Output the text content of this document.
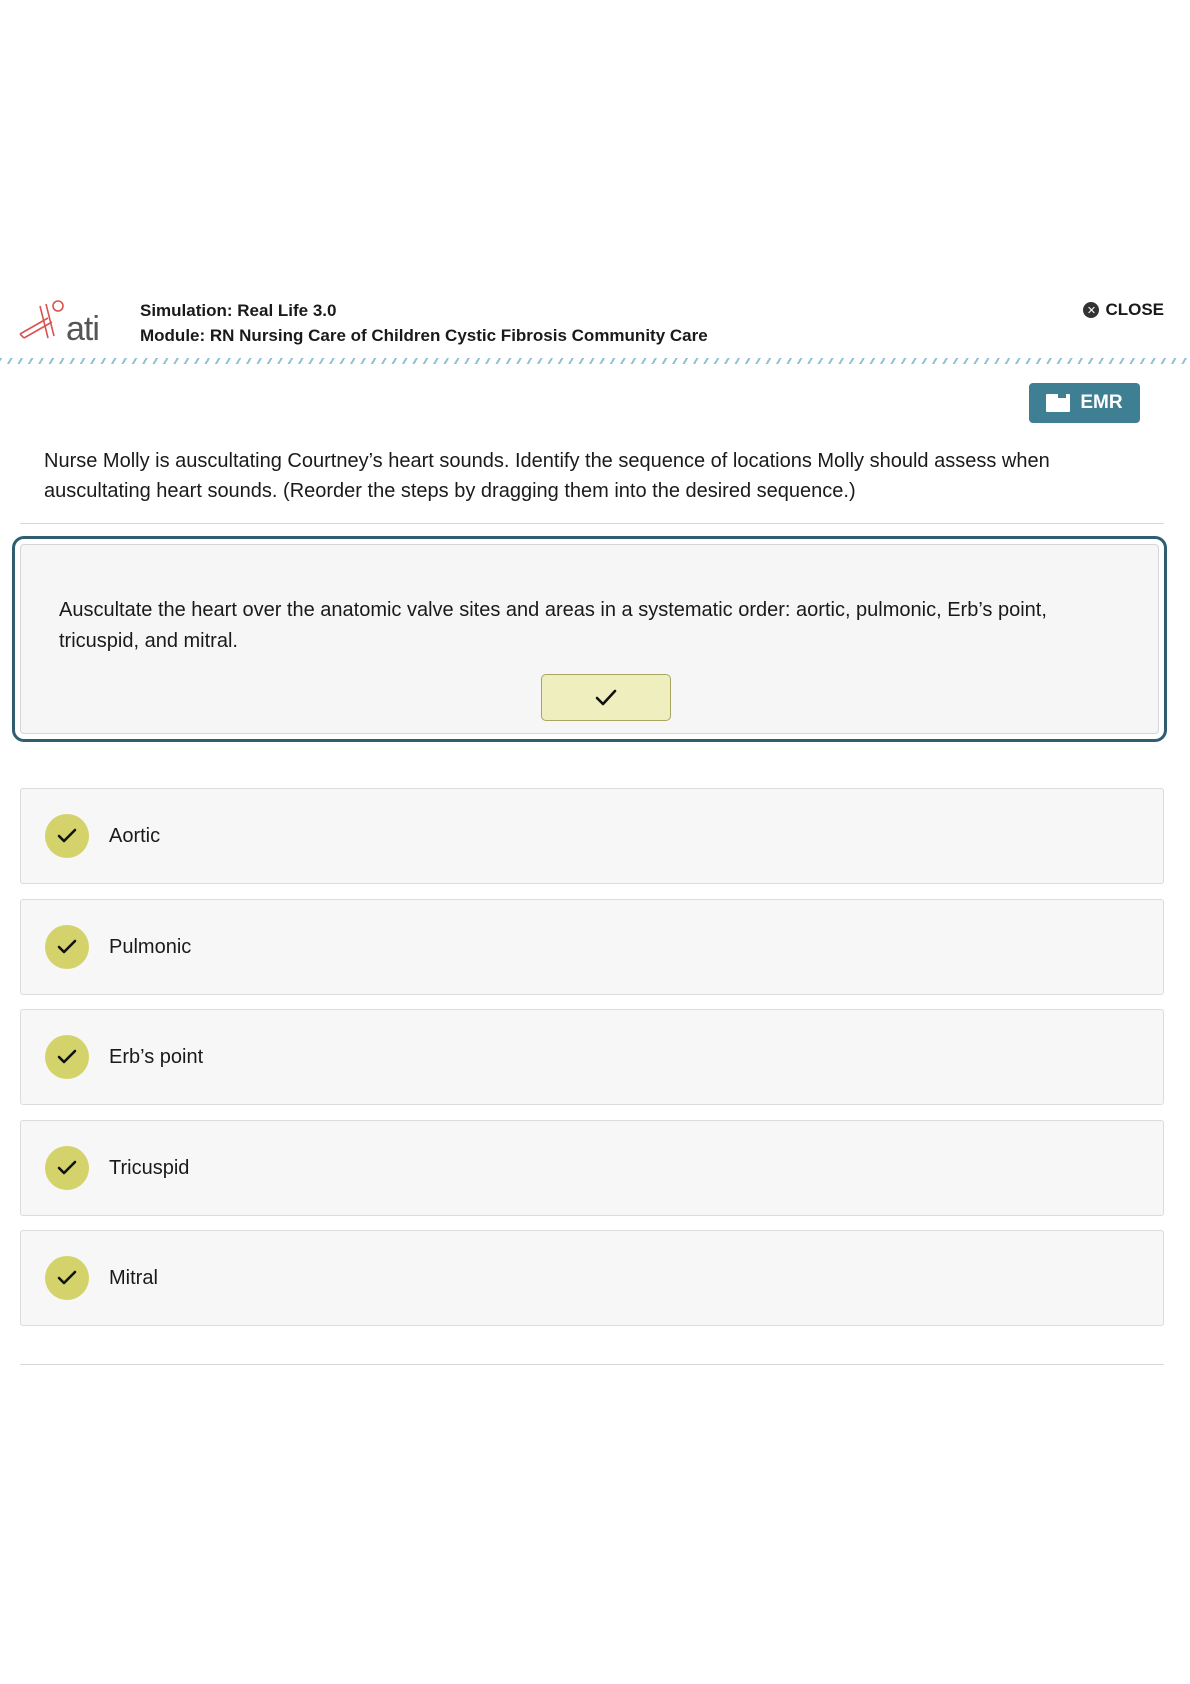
ati Simulation: Real Life 3.0
Module: RN Nursing Care of Children Cystic Fibrosis Community Care
✕ CLOSE
EMR
Nurse Molly is auscultating Courtney’s heart sounds. Identify the sequence of locations Molly should assess when auscultating heart sounds. (Reorder the steps by dragging them into the desired sequence.)
Auscultate the heart over the anatomic valve sites and areas in a systematic order: aortic, pulmonic, Erb’s point, tricuspid, and mitral.
Aortic
Pulmonic
Erb’s point
Tricuspid
Mitral
